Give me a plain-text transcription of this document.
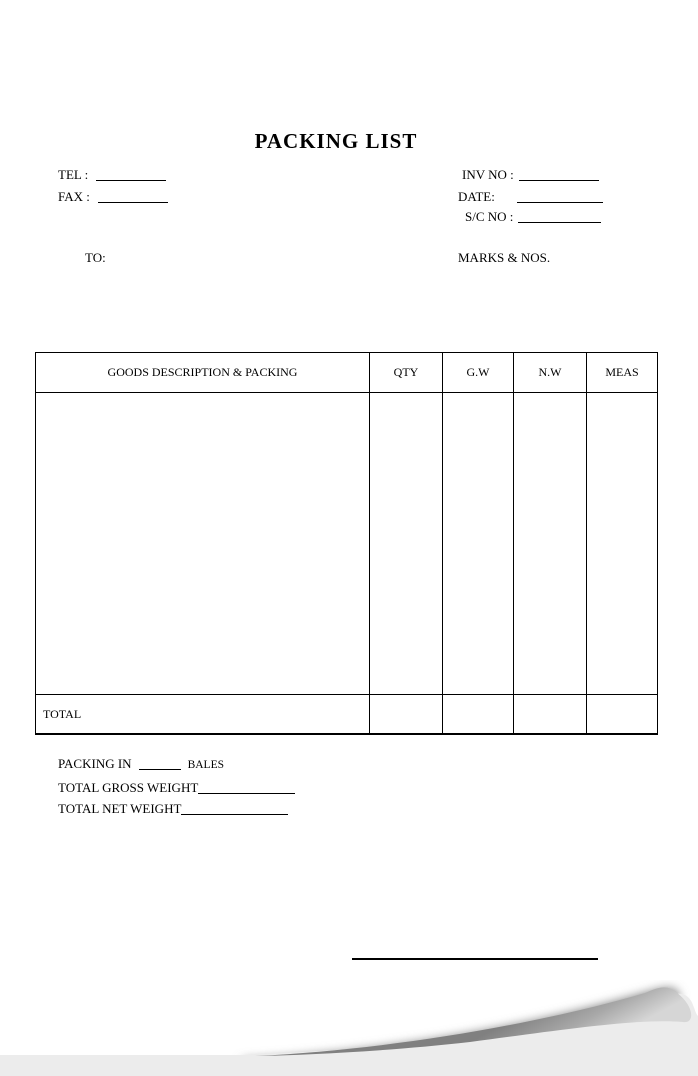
PACKING LIST
TEL :
FAX :
INV NO :
DATE:
S/C NO :
TO:	MARKS & NOS.
GOODS DESCRIPTION & PACKING	QTY	G.W	N.W	MEAS

TOTAL				
PACKING IN	BALES
TOTAL GROSS WEIGHT
TOTAL NET WEIGHT
